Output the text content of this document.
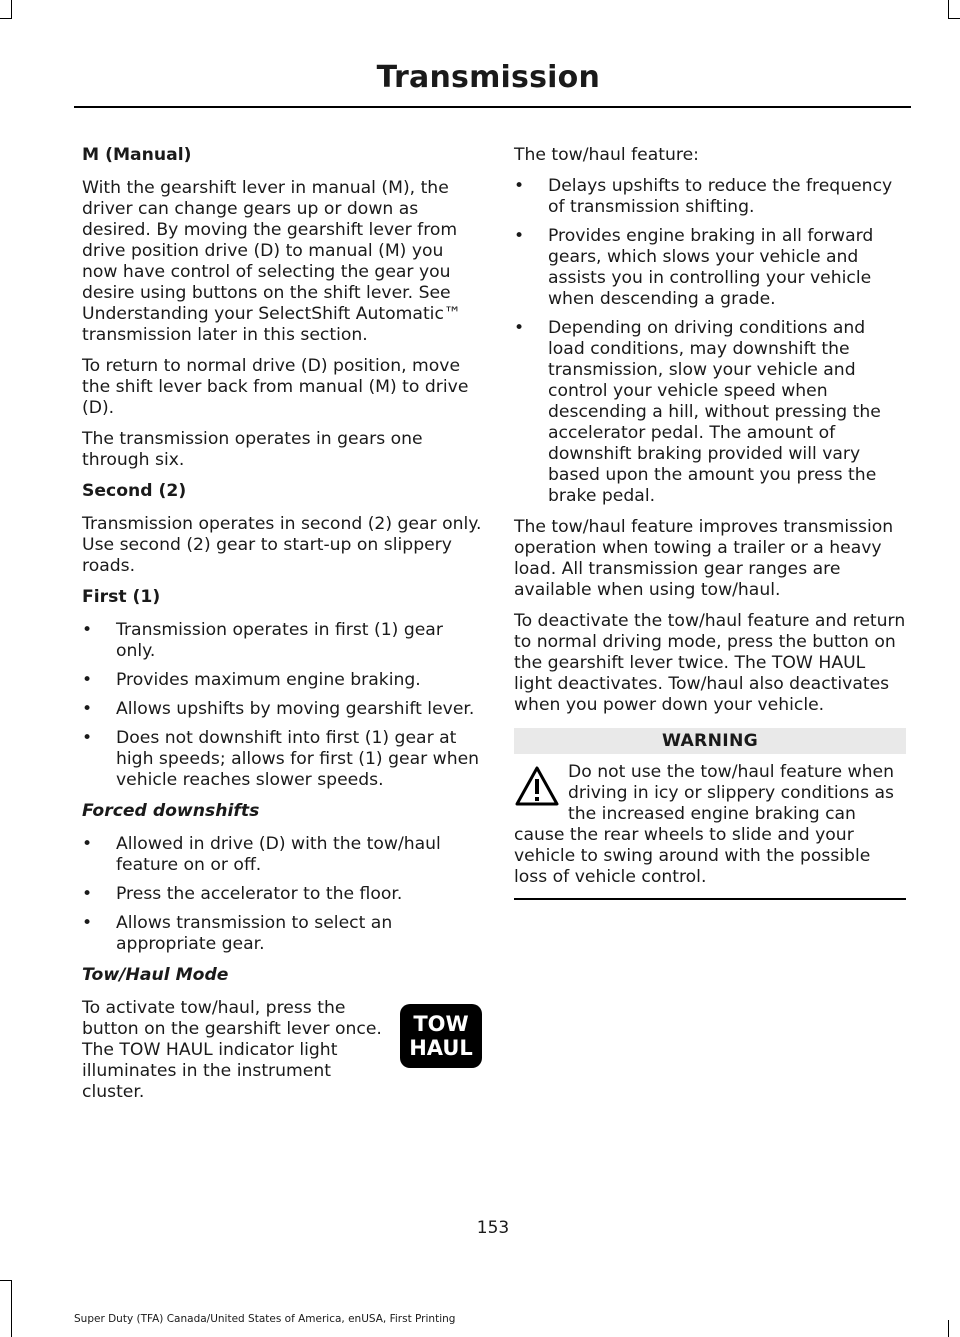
Transmission
M (Manual)

With the gearshift lever in manual (M), the driver can change gears up or down as desired. By moving the gearshift lever from drive position drive (D) to manual (M) you now have control of selecting the gear you desire using buttons on the shift lever. See Understanding your SelectShift Automatic™ transmission later in this section.

To return to normal drive (D) position, move the shift lever back from manual (M) to drive (D).

The transmission operates in gears one through six.

Second (2)

Transmission operates in second (2) gear only. Use second (2) gear to start-up on slippery roads.

First (1)
• Transmission operates in first (1) gear only.
• Provides maximum engine braking.
• Allows upshifts by moving gearshift lever.
• Does not downshift into first (1) gear at high speeds; allows for first (1) gear when vehicle reaches slower speeds.
Forced downshifts
• Allowed in drive (D) with the tow/haul feature on or off.
• Press the accelerator to the floor.
• Allows transmission to select an appropriate gear.
Tow/Haul Mode
TOW
HAUL

To activate tow/haul, press the button on the gearshift lever once. The TOW HAUL indicator light illuminates in the instrument cluster.

The tow/haul feature:

• Delays upshifts to reduce the frequency of transmission shifting.
• Provides engine braking in all forward gears, which slows your vehicle and assists you in controlling your vehicle when descending a grade.
• Depending on driving conditions and load conditions, may downshift the transmission, slow your vehicle and control your vehicle speed when descending a hill, without pressing the accelerator pedal. The amount of downshift braking provided will vary based upon the amount you press the brake pedal.

The tow/haul feature improves transmission operation when towing a trailer or a heavy load. All transmission gear ranges are available when using tow/haul.

To deactivate the tow/haul feature and return to normal driving mode, press the button on the gearshift lever twice. The TOW HAUL light deactivates. Tow/haul also deactivates when you power down your vehicle.

WARNING

Do not use the tow/haul feature when driving in icy or slippery conditions as the increased engine braking can cause the rear wheels to slide and your vehicle to swing around with the possible loss of vehicle control.

153
Super Duty (TFA) Canada/United States of America, enUSA, First Printing
